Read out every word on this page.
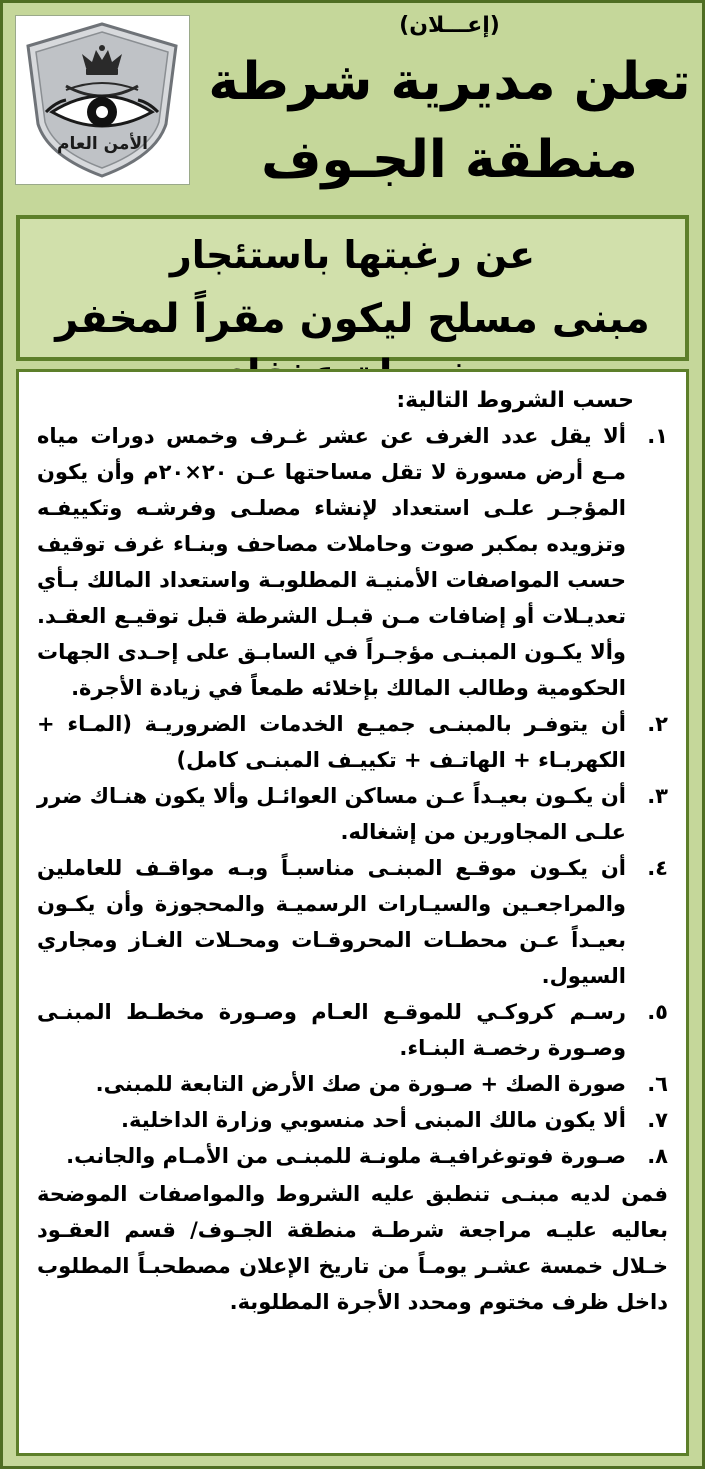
الأمن العام
(إعـــلان)
تعلن مديرية شرطة
منطقة الجـوف
عن رغبتها باستئجار
مبنى مسلح ليكون مقراً لمخفر
حسب الشروط التالية:
١.
ألا يقل عدد الغرف عن عشر غـرف وخمس دورات مياه مـع أرض مسورة لا تقل مساحتها عـن ٢٠×٢٠م وأن يكون المؤجـر علـى استعداد لإنشاء مصلـى وفرشـه وتكييفـه وتزويده بمكبر صوت وحاملات مصاحف وبنـاء غرف توقيف حسب المواصفات الأمنيـة المطلوبـة واستعداد المالك بـأي تعديـلات أو إضافات مـن قبـل الشرطة قبل توقيـع العقـد. وألا يكـون المبنـى مؤجـراً في السابـق على إحـدى الجهات الحكومية وطالب المالك بإخلائه طمعاً في زيادة الأجرة.
٢.
أن يتوفـر بالمبنـى جميـع الخدمات الضروريـة (المـاء + الكهربـاء + الهاتـف + تكييـف المبنـى كامل)
٣.
أن يكـون بعيـداً عـن مساكن العوائـل وألا يكون هنـاك ضرر علـى المجاورين من إشغاله.
٤.
أن يكـون موقـع المبنـى مناسبـاً وبـه مواقـف للعاملين والمراجعـين والسيـارات الرسميـة والمحجوزة وأن يكـون بعيـداً عـن محطـات المحروقـات ومحـلات الغـاز ومجاري السيول.
٥.
رسـم كروكـي للموقـع العـام وصـورة مخطـط المبنـى وصـورة رخصـة البنـاء.
٦.
صورة الصك + صـورة من صك الأرض التابعة للمبنى.
٧.
ألا يكون مالك المبنى أحد منسوبي وزارة الداخلية.
٨.
صـورة فوتوغرافيـة ملونـة للمبنـى من الأمـام والجانب.
فمن لديه مبنـى تنطبق عليه الشروط والمواصفات الموضحة بعاليه عليـه مراجعة شرطـة منطقة الجـوف/ قسم العقـود خـلال خمسة عشـر يومـاً من تاريخ الإعلان مصطحبـاً المطلوب داخل ظرف مختوم ومحدد الأجرة المطلوبة.
